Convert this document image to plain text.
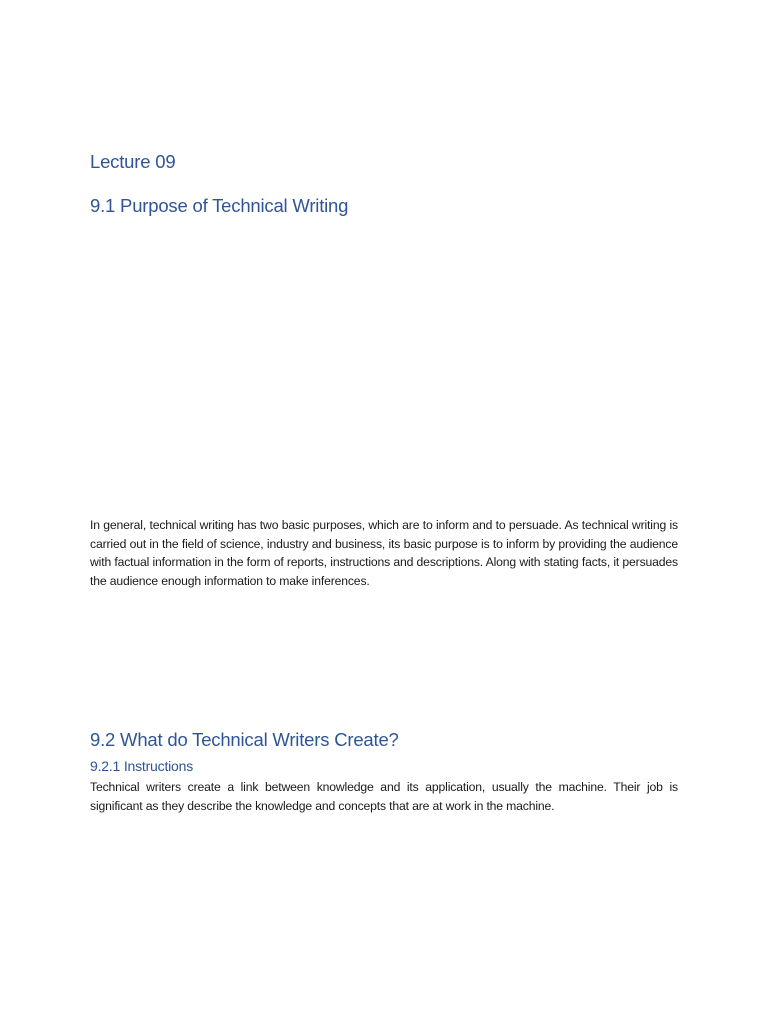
Lecture 09
9.1 Purpose of Technical Writing

In general, technical writing has two basic purposes, which are to inform and to persuade. As technical writing is carried out in the field of science, industry and business, its basic purpose is to inform by providing the audience with factual information in the form of reports, instructions and descriptions. Along with stating facts, it persuades the audience enough information to make inferences.

9.2 What do Technical Writers Create?
9.2.1 Instructions

Technical writers create a link between knowledge and its application, usually the machine. Their job is significant as they describe the knowledge and concepts that are at work in the machine.
